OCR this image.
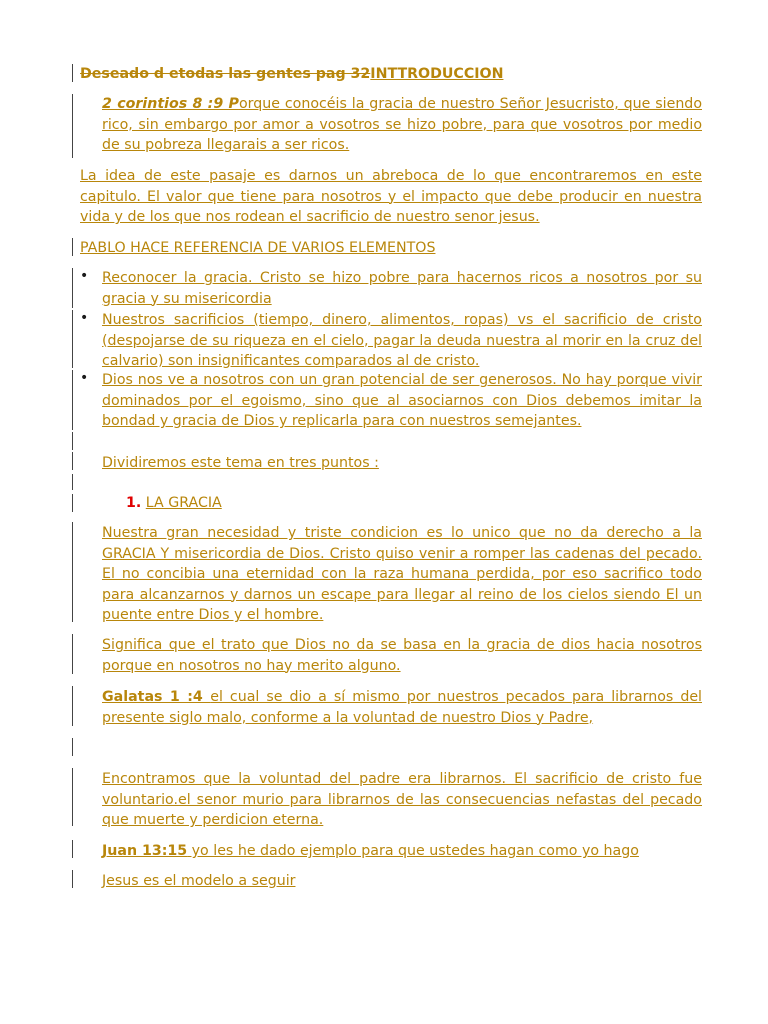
Deseado d etodas las gentes pag 32INTTRODUCCION
2 corintios 8 :9 Porque conocéis la gracia de nuestro Señor Jesucristo, que siendo rico, sin embargo por amor a vosotros se hizo pobre, para que vosotros por medio de su pobreza llegarais a ser ricos.
La idea de este pasaje es darnos un abreboca de lo que encontraremos en este capitulo. El valor que tiene para nosotros y el impacto que debe producir en nuestra vida y de los que nos rodean el sacrificio de nuestro senor jesus.
PABLO HACE REFERENCIA DE VARIOS ELEMENTOS
• Reconocer la gracia. Cristo se hizo pobre para hacernos ricos a nosotros por su gracia y su misericordia
• Nuestros sacrificios (tiempo, dinero, alimentos, ropas) vs el sacrificio de cristo (despojarse de su riqueza en el cielo, pagar la deuda nuestra al morir en la cruz del calvario) son insignificantes comparados al de cristo.
• Dios nos ve a nosotros con un gran potencial de ser generosos. No hay porque vivir dominados por el egoismo, sino que al asociarnos con Dios debemos imitar la bondad y gracia de Dios y replicarla para con nuestros semejantes.
Dividiremos este tema en tres puntos :
1. LA GRACIA
Nuestra gran necesidad y triste condicion es lo unico que no da derecho a la GRACIA Y misericordia de Dios. Cristo quiso venir a romper las cadenas del pecado. El no concibia una eternidad con la raza humana perdida, por eso sacrifico todo para alcanzarnos y darnos un escape para llegar al reino de los cielos siendo El un puente entre Dios y el hombre.
Significa que el trato que Dios no da se basa en la gracia de dios hacia nosotros porque en nosotros no hay merito alguno.
Galatas 1 :4 el cual se dio a sí mismo por nuestros pecados para librarnos del presente siglo malo, conforme a la voluntad de nuestro Dios y Padre,
Encontramos que la voluntad del padre era librarnos. El sacrificio de cristo fue voluntario.el senor murio para librarnos de las consecuencias nefastas del pecado que muerte y perdicion eterna.
Juan 13:15 yo les he dado ejemplo para que ustedes hagan como yo hago
Jesus es el modelo a seguir
